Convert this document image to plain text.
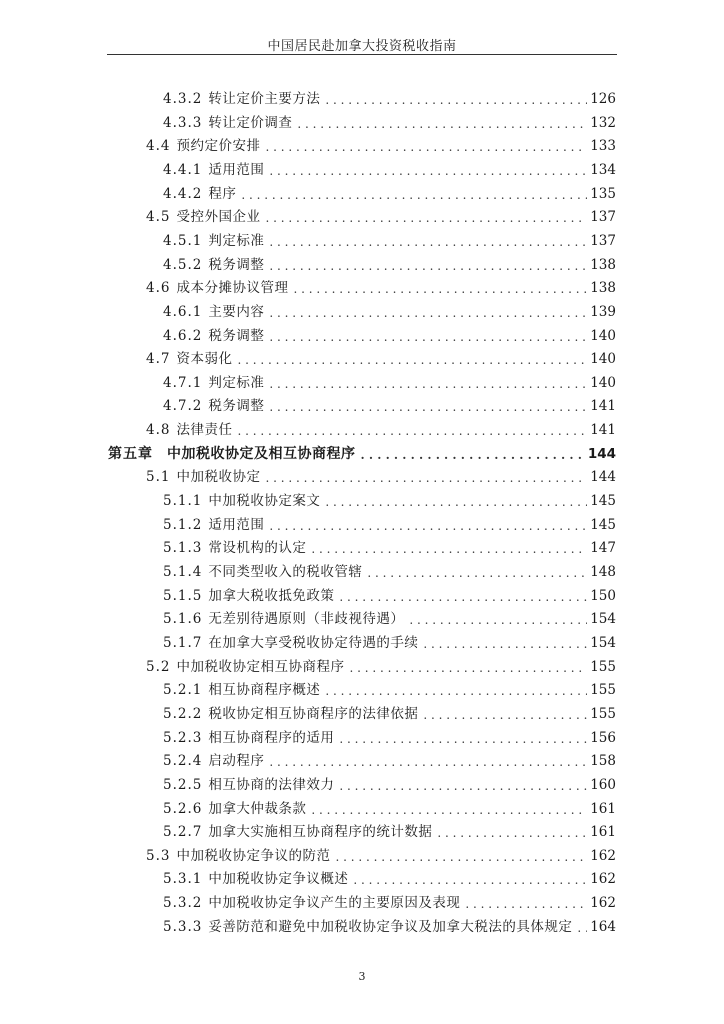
中国居民赴加拿大投资税收指南
4.3.2 转让定价主要方法 . . .	126
4.3.3 转让定价调查 . . .	132
4.4 预约定价安排 . . .	133
4.4.1 适用范围 . . .	134
4.4.2 程序 . . .	135
4.5 受控外国企业 . . .	137
4.5.1 判定标准 . . .	137
4.5.2 税务调整 . . .	138
4.6 成本分摊协议管理 . . .	138
4.6.1 主要内容 . . .	139
4.6.2 税务调整 . . .	140
4.7 资本弱化 . . .	140
4.7.1 判定标准 . . .	140
4.7.2 税务调整 . . .	141
4.8 法律责任 . . .	141
第五章 中加税收协定及相互协商程序 . . .	144
5.1 中加税收协定 . . .	144
5.1.1 中加税收协定案文 . . .	145
5.1.2 适用范围 . . .	145
5.1.3 常设机构的认定 . . .	147
5.1.4 不同类型收入的税收管辖 . . .	148
5.1.5 加拿大税收抵免政策 . . .	150
5.1.6 无差别待遇原则（非歧视待遇） . . .	154
5.1.7 在加拿大享受税收协定待遇的手续 . . .	154
5.2 中加税收协定相互协商程序 . . .	155
5.2.1 相互协商程序概述 . . .	155
5.2.2 税收协定相互协商程序的法律依据 . . .	155
5.2.3 相互协商程序的适用 . . .	156
5.2.4 启动程序 . . .	158
5.2.5 相互协商的法律效力 . . .	160
5.2.6 加拿大仲裁条款 . . .	161
5.2.7 加拿大实施相互协商程序的统计数据 . . .	161
5.3 中加税收协定争议的防范 . . .	162
5.3.1 中加税收协定争议概述 . . .	162
5.3.2 中加税收协定争议产生的主要原因及表现 . . .	162
5.3.3 妥善防范和避免中加税收协定争议及加拿大税法的具体规定 . . . 164
3
